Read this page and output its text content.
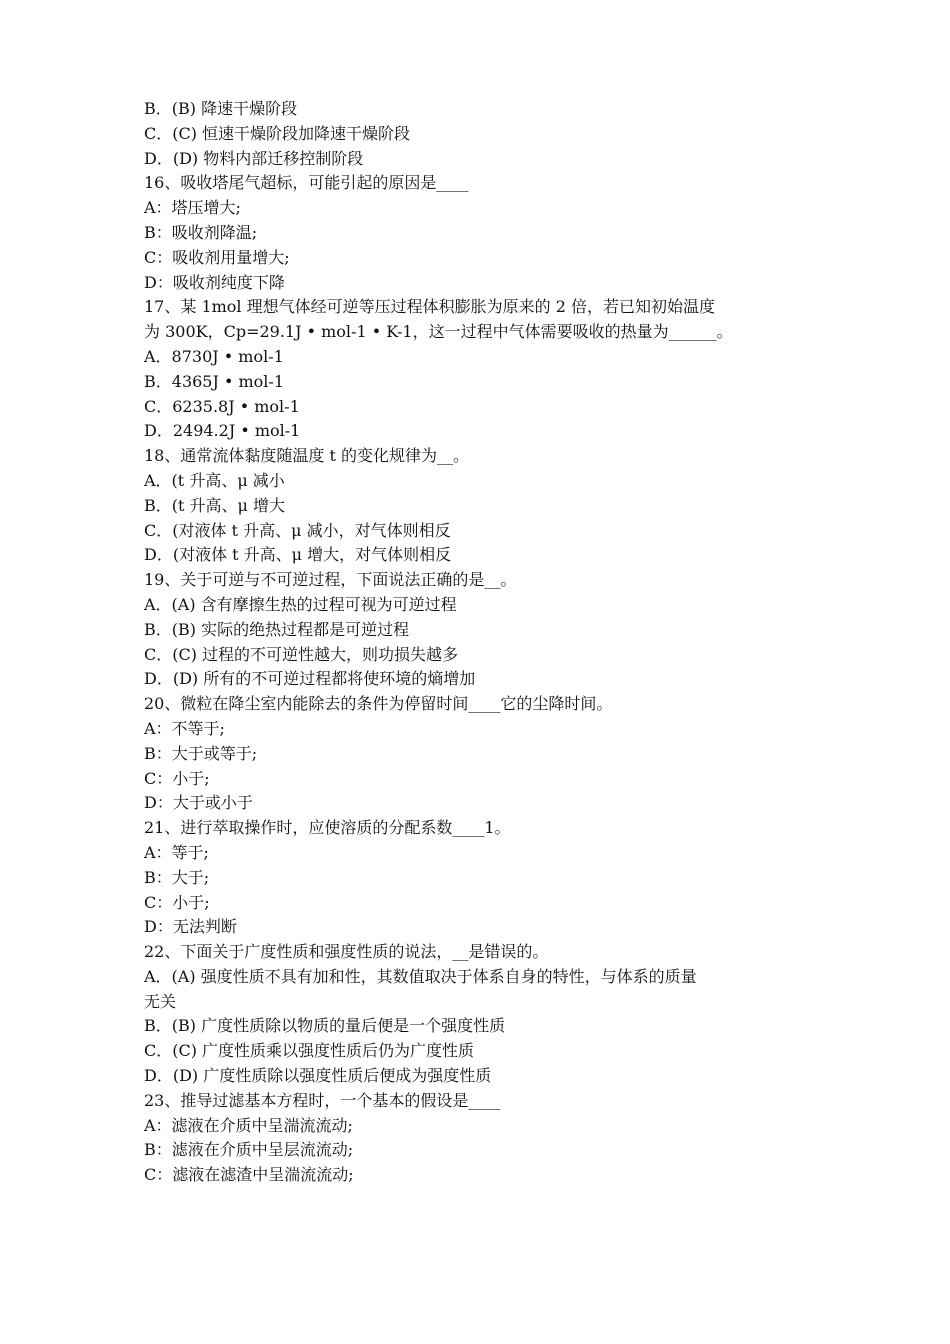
B．(B) 降速干燥阶段

C．(C) 恒速干燥阶段加降速干燥阶段

D．(D) 物料内部迁移控制阶段

16、吸收塔尾气超标，可能引起的原因是____

A：塔压增大;

B：吸收剂降温;

C：吸收剂用量增大;

D：吸收剂纯度下降

17、某 1mol 理想气体经可逆等压过程体积膨胀为原来的 2 倍，若已知初始温度

为 300K，Cp=29.1J • mol-1 • K-1，这一过程中气体需要吸收的热量为______。

A．8730J • mol-1

B．4365J • mol-1

C．6235.8J • mol-1

D．2494.2J • mol-1

18、通常流体黏度随温度 t 的变化规律为__。

A．(t 升高、μ 减小

B．(t 升高、μ 增大

C．(对液体 t 升高、μ 减小，对气体则相反

D．(对液体 t 升高、μ 增大，对气体则相反

19、关于可逆与不可逆过程，下面说法正确的是__。

A．(A) 含有摩擦生热的过程可视为可逆过程

B．(B) 实际的绝热过程都是可逆过程

C．(C) 过程的不可逆性越大，则功损失越多

D．(D) 所有的不可逆过程都将使环境的熵增加

20、微粒在降尘室内能除去的条件为停留时间____它的尘降时间。

A：不等于;

B：大于或等于;

C：小于;

D：大于或小于

21、进行萃取操作时，应使溶质的分配系数____1。

A：等于;

B：大于;

C：小于;

D：无法判断

22、下面关于广度性质和强度性质的说法，__是错误的。

A．(A) 强度性质不具有加和性，其数值取决于体系自身的特性，与体系的质量

无关

B．(B) 广度性质除以物质的量后便是一个强度性质

C．(C) 广度性质乘以强度性质后仍为广度性质

D．(D) 广度性质除以强度性质后便成为强度性质

23、推导过滤基本方程时，一个基本的假设是____

A：滤液在介质中呈湍流流动;

B：滤液在介质中呈层流流动;

C：滤液在滤渣中呈湍流流动;
